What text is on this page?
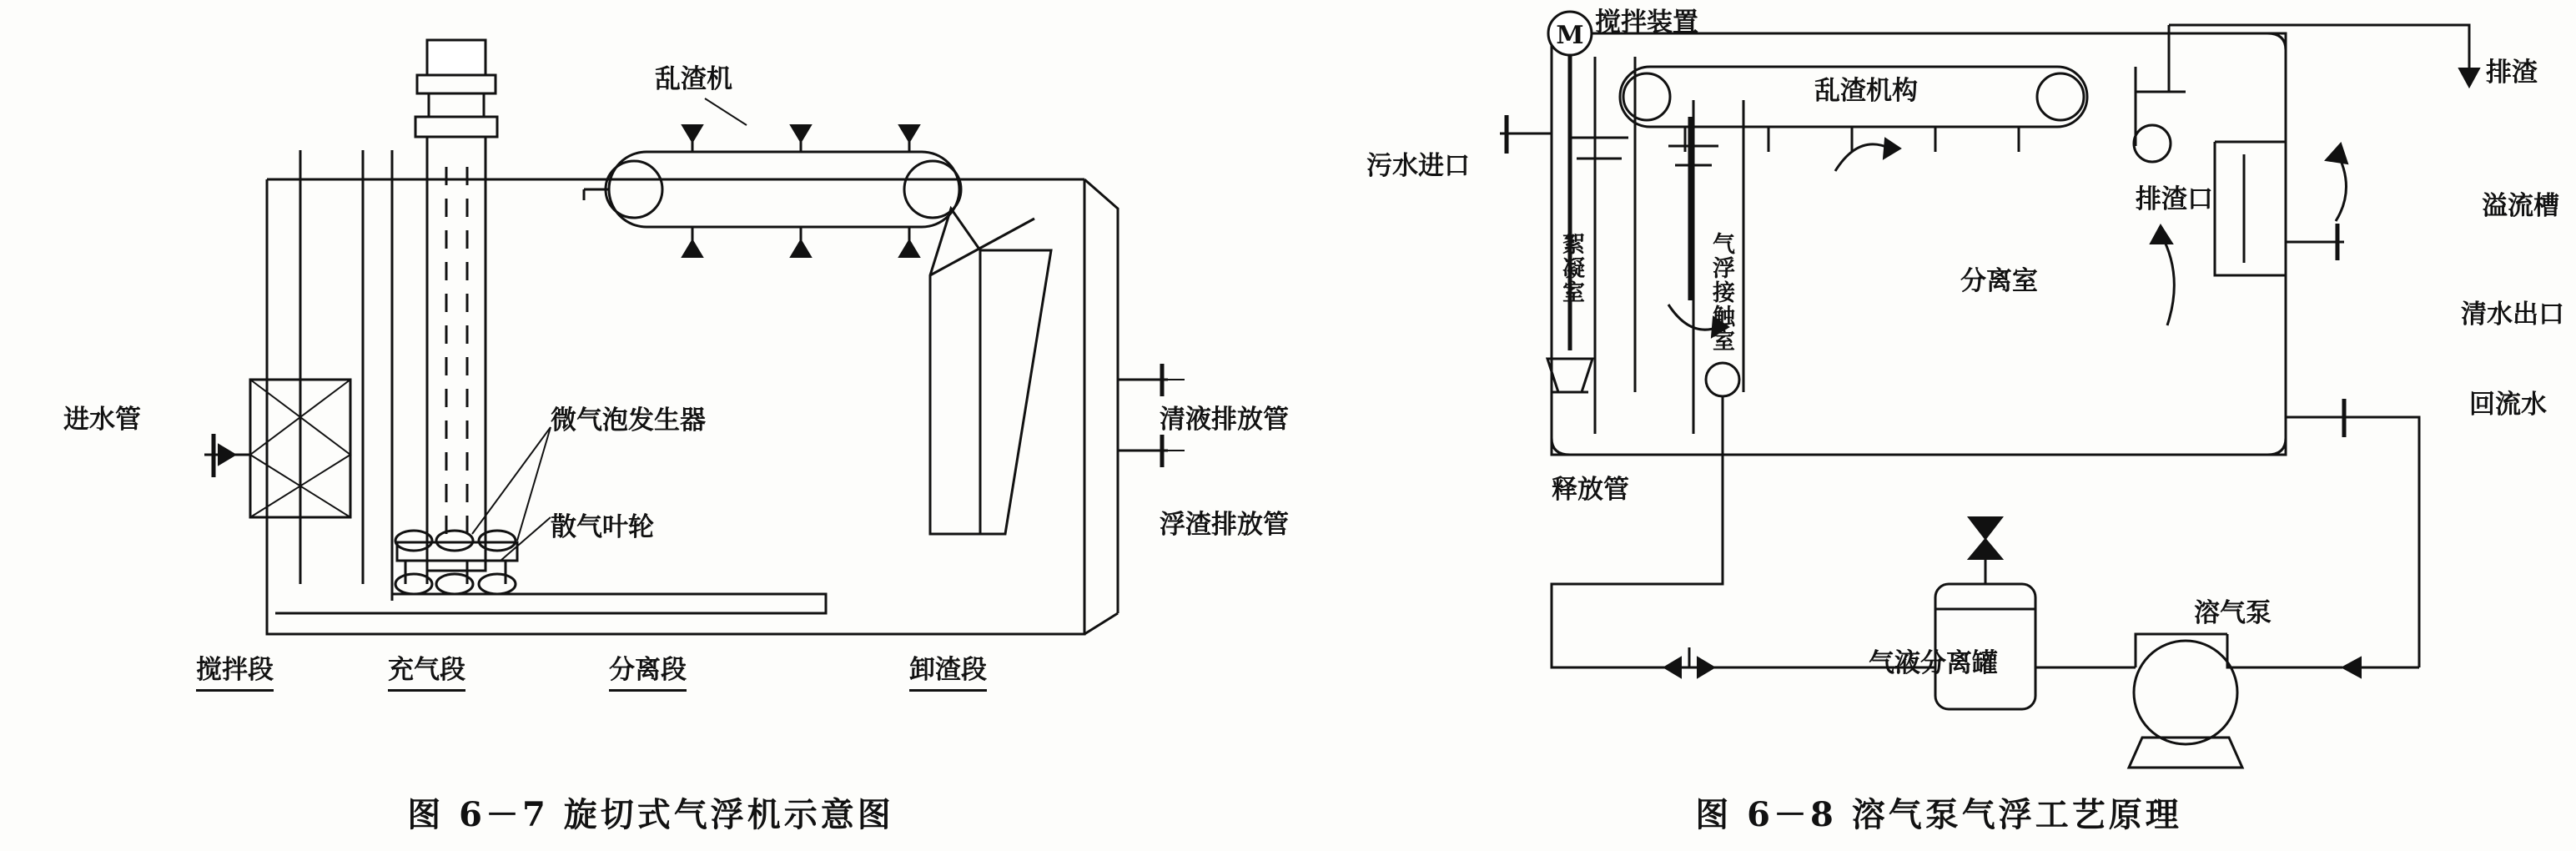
乱渣机
进水管	微气泡发生器
散气叶轮
清液排放管
浮渣排放管
搅拌段	充气段	分离段	卸渣段
图 6－7 旋切式气浮机示意图
M 搅拌装置
乱渣机构
排渣
污水进口
排渣口	溢流槽
絮凝室	气浮接触室	分离室
清水出口
回流水
释放管
气液分离罐
溶气泵
图 6－8 溶气泵气浮工艺原理
